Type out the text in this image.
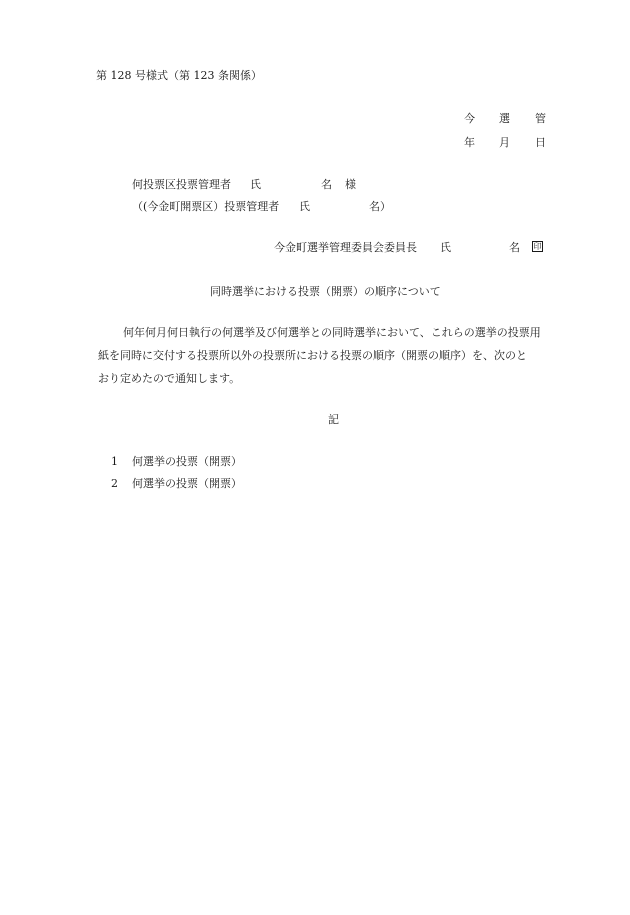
第 128 号様式（第 123 条関係）
今 選 管
年 月 日
何投票区投票管理者 氏	名 様
（(今金町開票区）投票管理者 氏	名）
今金町選挙管理委員会委員長 氏	名 印
同時選挙における投票（開票）の順序について
何年何月何日執行の何選挙及び何選挙との同時選挙において、これらの選挙の投票用
紙を同時に交付する投票所以外の投票所における投票の順序（開票の順序）を、次のと
おり定めたので通知します。
記
1 何選挙の投票（開票）
2 何選挙の投票（開票）
